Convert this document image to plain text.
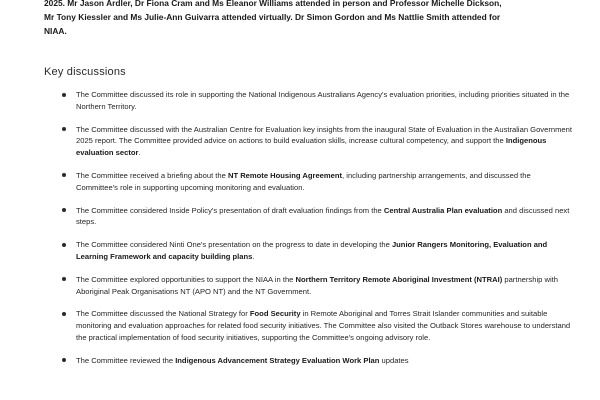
2025. Mr Jason Ardler, Dr Fiona Cram and Ms Eleanor Williams attended in person and Professor Michelle Dickson,

Mr Tony Kiessler and Ms Julie-Ann Guivarra attended virtually. Dr Simon Gordon and Ms Nattlie Smith attended for

NIAA.

Key discussions
The Committee discussed its role in supporting the National Indigenous Australians Agency's evaluation priorities, including priorities situated in the Northern Territory.
The Committee discussed with the Australian Centre for Evaluation key insights from the inaugural State of Evaluation in the Australian Government 2025 report. The Committee provided advice on actions to build evaluation skills, increase cultural competency, and support the Indigenous evaluation sector.
The Committee received a briefing about the NT Remote Housing Agreement, including partnership arrangements, and discussed the Committee's role in supporting upcoming monitoring and evaluation.
The Committee considered Inside Policy's presentation of draft evaluation findings from the Central Australia Plan evaluation and discussed next steps.
The Committee considered Ninti One's presentation on the progress to date in developing the Junior Rangers Monitoring, Evaluation and Learning Framework and capacity building plans.
The Committee explored opportunities to support the NIAA in the Northern Territory Remote Aboriginal Investment (NTRAI) partnership with Aboriginal Peak Organisations NT (APO NT) and the NT Government.
The Committee discussed the National Strategy for Food Security in Remote Aboriginal and Torres Strait Islander communities and suitable monitoring and evaluation approaches for related food security initiatives. The Committee also visited the Outback Stores warehouse to understand the practical implementation of food security initiatives, supporting the Committee's ongoing advisory role.
The Committee reviewed the Indigenous Advancement Strategy Evaluation Work Plan updates
